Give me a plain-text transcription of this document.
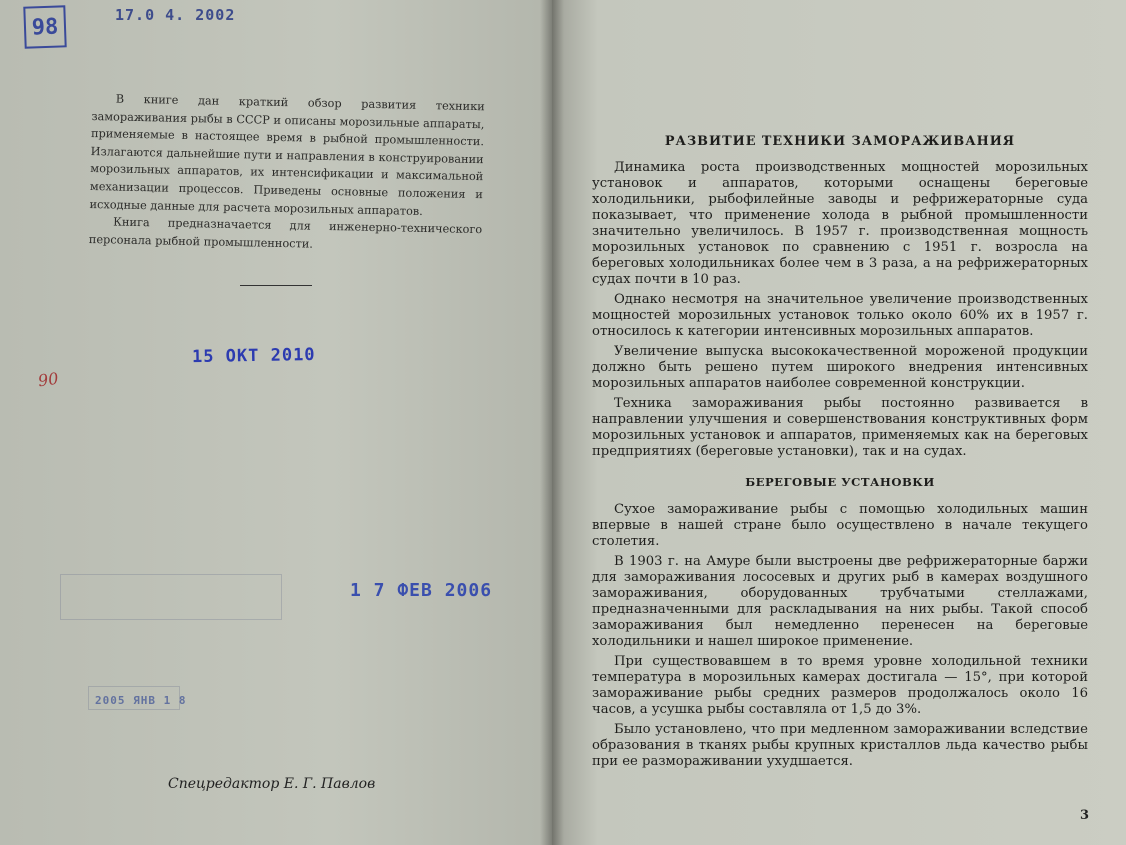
98	17.0 4. 2002

В книге дан краткий обзор развития техники замораживания рыбы в СССР и описаны морозильные аппараты, применяемые в настоящее время в рыбной промышленности. Излагаются дальнейшие пути и направления в конструировании морозильных аппаратов, их интенсификации и максимальной механизации процессов. Приведены основные положения и исходные данные для расчета морозильных аппаратов.

Книга предназначается для инженерно-технического персонала рыбной промышленности.

90
15 ОКТ 2010
1 7 ФЕВ 2006
2005 ЯНВ 1 8
Спецредактор Е. Г. Павлов
РАЗВИТИЕ ТЕХНИКИ ЗАМОРАЖИВАНИЯ

Динамика роста производственных мощностей морозильных установок и аппаратов, которыми оснащены береговые холодильники, рыбофилейные заводы и рефрижераторные суда показывает, что применение холода в рыбной промышленности значительно увеличилось. В 1957 г. производственная мощность морозильных установок по сравнению с 1951 г. возросла на береговых холодильниках более чем в 3 раза, а на рефрижераторных судах почти в 10 раз.

Однако несмотря на значительное увеличение производственных мощностей морозильных установок только около 60% их в 1957 г. относилось к категории интенсивных морозильных аппаратов.

Увеличение выпуска высококачественной мороженой продукции должно быть решено путем широкого внедрения интенсивных морозильных аппаратов наиболее современной конструкции.

Техника замораживания рыбы постоянно развивается в направлении улучшения и совершенствования конструктивных форм морозильных установок и аппаратов, применяемых как на береговых предприятиях (береговые установки), так и на судах.

БЕРЕГОВЫЕ УСТАНОВКИ

Сухое замораживание рыбы с помощью холодильных машин впервые в нашей стране было осуществлено в начале текущего столетия.

В 1903 г. на Амуре были выстроены две рефрижераторные баржи для замораживания лососевых и других рыб в камерах воздушного замораживания, оборудованных трубчатыми стеллажами, предназначенными для раскладывания на них рыбы. Такой способ замораживания был немедленно перенесен на береговые холодильники и нашел широкое применение.

При существовавшем в то время уровне холодильной техники температура в морозильных камерах достигала — 15°, при которой замораживание рыбы средних размеров продолжалось около 16 часов, а усушка рыбы составляла от 1,5 до 3%.

Было установлено, что при медленном замораживании вследствие образования в тканях рыбы крупных кристаллов льда качество рыбы при ее размораживании ухудшается.

3
